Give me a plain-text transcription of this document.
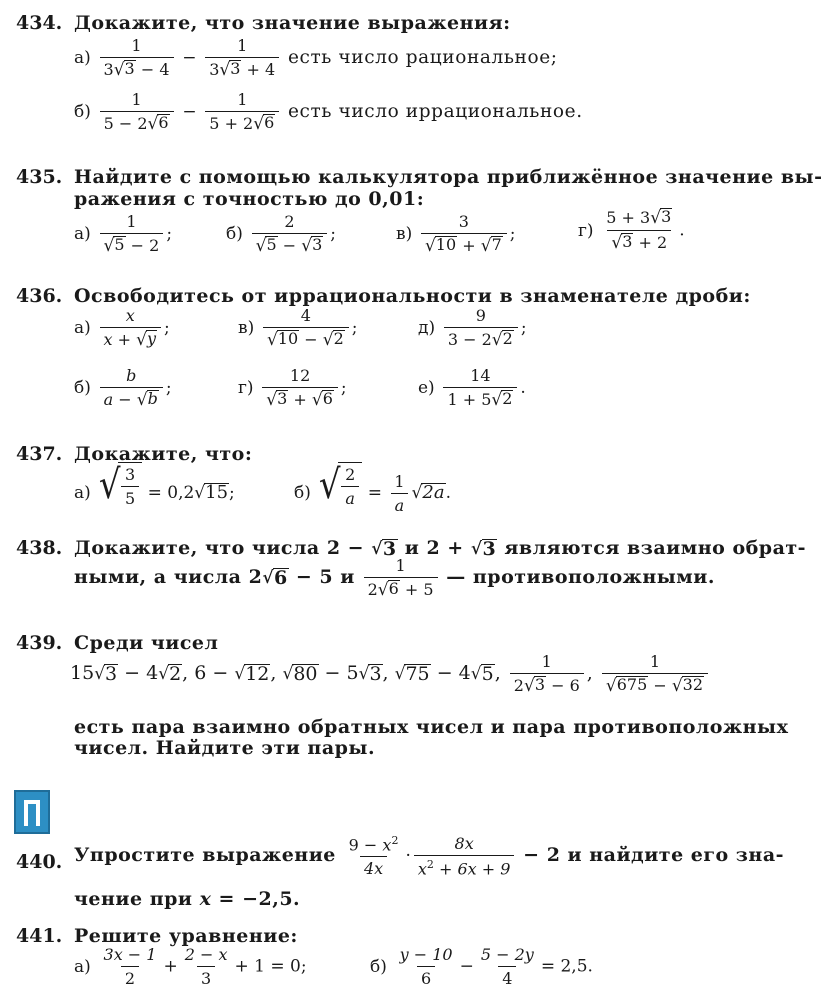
434. Докажите, что значение выражения:
$а) \frac{1}{3 √ 3 - 4} - \frac{1}{3 √ 3 + 4}$ есть число рациональное;
$б) \frac{1}{5 - 2 √ 6} - \frac{1}{5 + 2 √ 6}$ есть число иррациональное.
435. Найдите с помощью калькулятора приближённое значение вы-
ражения с точностью до 0,01:
$а) \frac{1}{√ 5 - 2}$ ;	$б) \frac{2}{√ 5 - √ 3}$ ;	$в) \frac{3}{√ 10 + √ 7}$ ;	$г) \frac{5 + 3 √ 3}{√ 3 + 2}$ .
436. Освободитесь от иррациональности в знаменателе дроби:
$а) \frac{x}{x + √ y}$ ;	$в) \frac{4}{√ 10 - √ 2}$ ;	$д) \frac{9}{3 - 2 √ 2}$ ;
$б) \frac{b}{a - √ b}$ ;	$г) \frac{12}{√ 3 + √ 6}$ ;	$е) \frac{14}{1 + 5 √ 2}$ .
437. Докажите, что:
а) √ $\frac{3}{5} = 0,2$ √ 15 ;	б) √ $\frac{2}{a} = \frac{1}{a}$ √ 2a .
438. Докажите, что числа 2 − √ 3 и 2 + √ 3 являются взаимно обрат-
ными, а числа 2 √ 6 − 5 и $\frac{1}{2 √ 6 + 5}$ — противоположными.
439. Среди чисел
15 √ 3 − 4 √ 2 , 6 − √ 12 , √ 80 − 5 √ 3 , √ 75 − 4 √ 5 , $\frac{1}{2 √ 3 - 6}$ , $\frac{1}{√ 675 - √ 32}$
есть пара взаимно обратных чисел и пара противоположных
чисел. Найдите эти пары.
440. Упростите выражение $\frac{9 - x^2}{4x} \cdot \frac{8x}{x^2 + 6x + 9} - 2$ и найдите его зна-
чение при x = −2,5.
441. Решите уравнение:
$а) \frac{3x - 1}{2} + \frac{2 - x}{3} + 1 = 0$;	$б) \frac{y - 10}{6} - \frac{5 - 2y}{4} = 2,5$.
